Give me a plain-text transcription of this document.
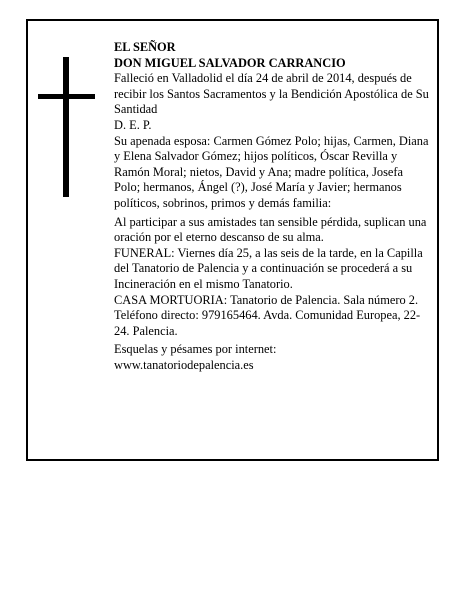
EL SEÑOR

DON MIGUEL SALVADOR CARRANCIO

Falleció en Valladolid el día 24 de abril de 2014, después de recibir los Santos Sacramentos y la Bendición Apostólica de Su Santidad

D. E. P.

Su apenada esposa: Carmen Gómez Polo; hijas, Carmen, Diana y Elena Salvador Gómez; hijos políticos, Óscar Revilla y Ramón Moral; nietos, David y Ana; madre política, Josefa Polo; hermanos, Ángel (?), José María y Javier; hermanos políticos, sobrinos, primos y demás familia:

Al participar a sus amistades tan sensible pérdida, suplican una oración por el eterno descanso de su alma.

FUNERAL: Viernes día 25, a las seis de la tarde, en la Capilla del Tanatorio de Palencia y a continuación se procederá a su Incineración en el mismo Tanatorio.

CASA MORTUORIA: Tanatorio de Palencia. Sala número 2. Teléfono directo: 979165464. Avda. Comunidad Europea, 22-24. Palencia.

Esquelas y pésames por internet:

www.tanatoriodepalencia.es
